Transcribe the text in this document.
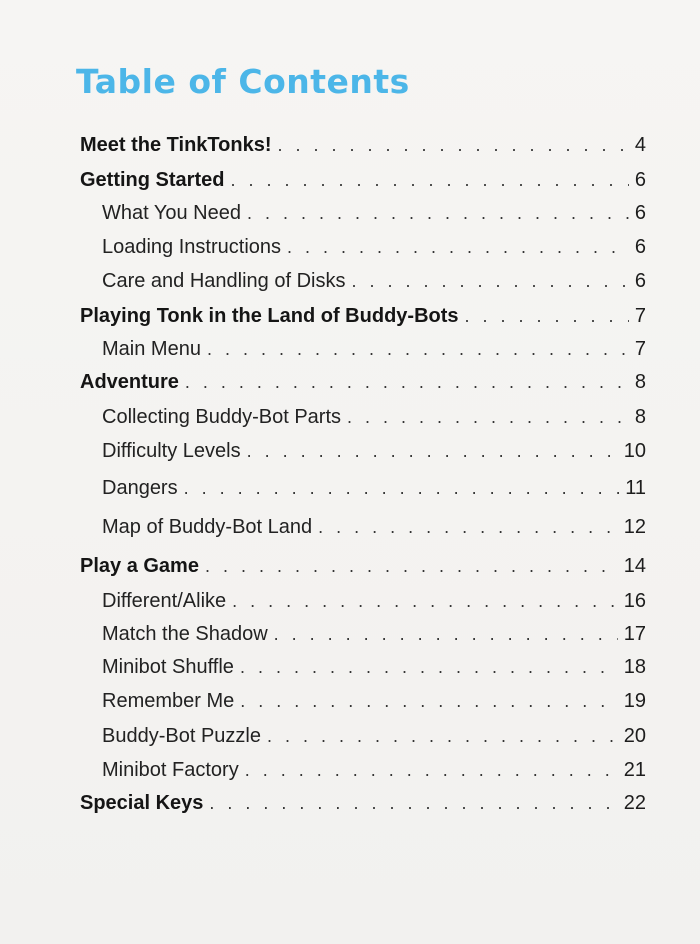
Table of Contents
Meet the TinkTonks! . . .	4
Getting Started . . .	6
What You Need . . .	6
Loading Instructions . . .	6
Care and Handling of Disks . . .	6
Playing Tonk in the Land of Buddy-Bots . . .	7
Main Menu . . .	7
Adventure . . .	8
Collecting Buddy-Bot Parts . . .	8
Difficulty Levels . . .	10
Dangers . . .	11
Map of Buddy-Bot Land . . .	12
Play a Game . . .	14
Different/Alike . . .	16
Match the Shadow . . .	17
Minibot Shuffle . . .	18
Remember Me . . .	19
Buddy-Bot Puzzle . . .	20
Minibot Factory . . .	21
Special Keys . . .	22
